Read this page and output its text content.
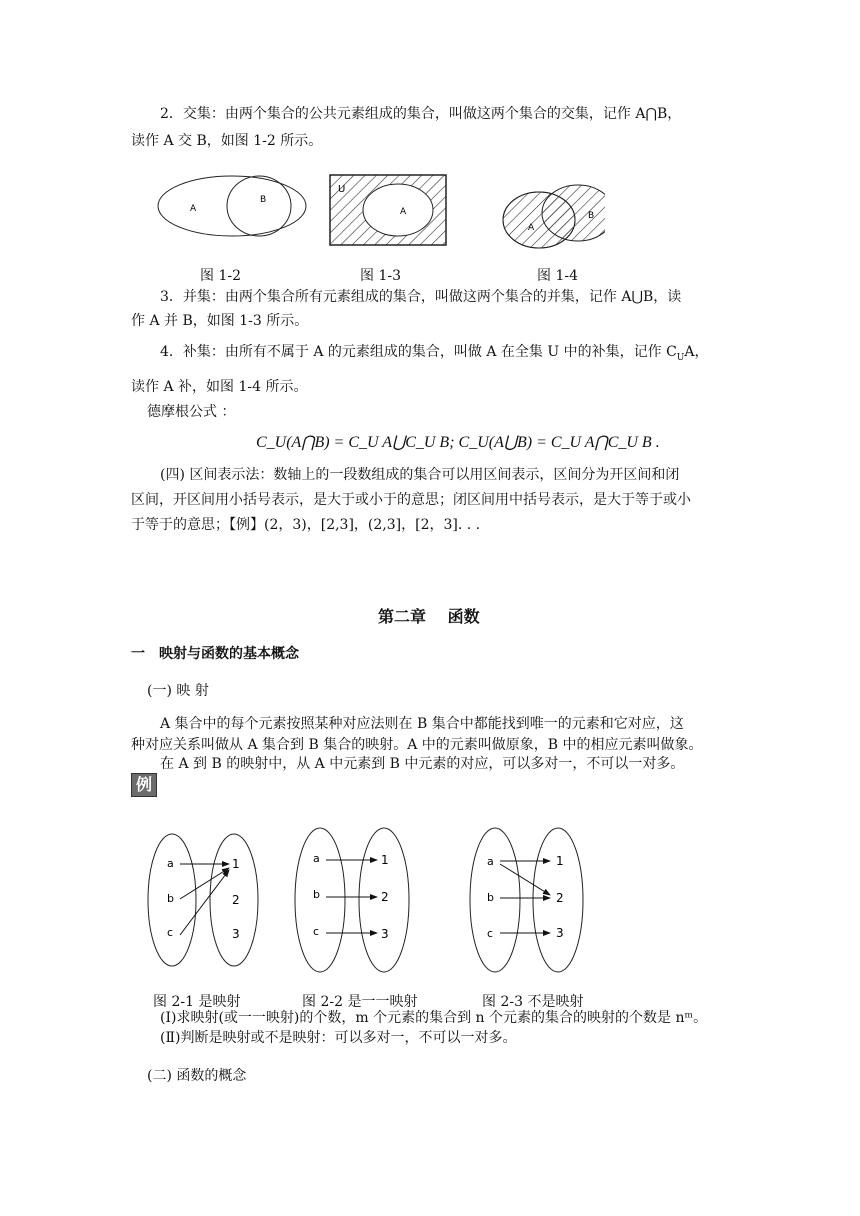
2．交集：由两个集合的公共元素组成的集合，叫做这两个集合的交集，记作 A⋂B，
读作 A 交 B，如图 1-2 所示。
A
B
U
A
A
B
图 1-2	图 1-3	图 1-4
3．并集：由两个集合所有元素组成的集合，叫做这两个集合的并集，记作 A⋃B，读
作 A 并 B，如图 1-3 所示。
4．补集：由所有不属于 A 的元素组成的集合，叫做 A 在全集 U 中的补集，记作 $C_UA$，
读作 A 补，如图 1-4 所示。
德摩根公式 ：
C_U(A⋂B) = C_U A⋃C_U B; C_U(A⋃B) = C_U A⋂C_U B .
(四) 区间表示法：数轴上的一段数组成的集合可以用区间表示，区间分为开区间和闭
区间，开区间用小括号表示，是大于或小于的意思；闭区间用中括号表示，是大于等于或小
于等于的意思；【例】(2，3)，[2,3]，(2,3]，[2，3]. . .
第二章　 函数
一　映射与函数的基本概念
(一) 映 射
A 集合中的每个元素按照某种对应法则在 B 集合中都能找到唯一的元素和它对应，这
种对应关系叫做从 A 集合到 B 集合的映射。A 中的元素叫做原象，B 中的相应元素叫做象。
在 A 到 B 的映射中，从 A 中元素到 B 中元素的对应，可以多对一，不可以一对多。
例
a
b
c
1
2
3
a
b
c
1
2
3
a
b
c
1
2
3
图 2-1 是映射	图 2-2 是一一映射	图 2-3 不是映射
(Ⅰ)求映射(或一一映射)的个数，m 个元素的集合到 n 个元素的集合的映射的个数是 nᵐ。
(Ⅱ)判断是映射或不是映射：可以多对一，不可以一对多。
(二) 函数的概念
